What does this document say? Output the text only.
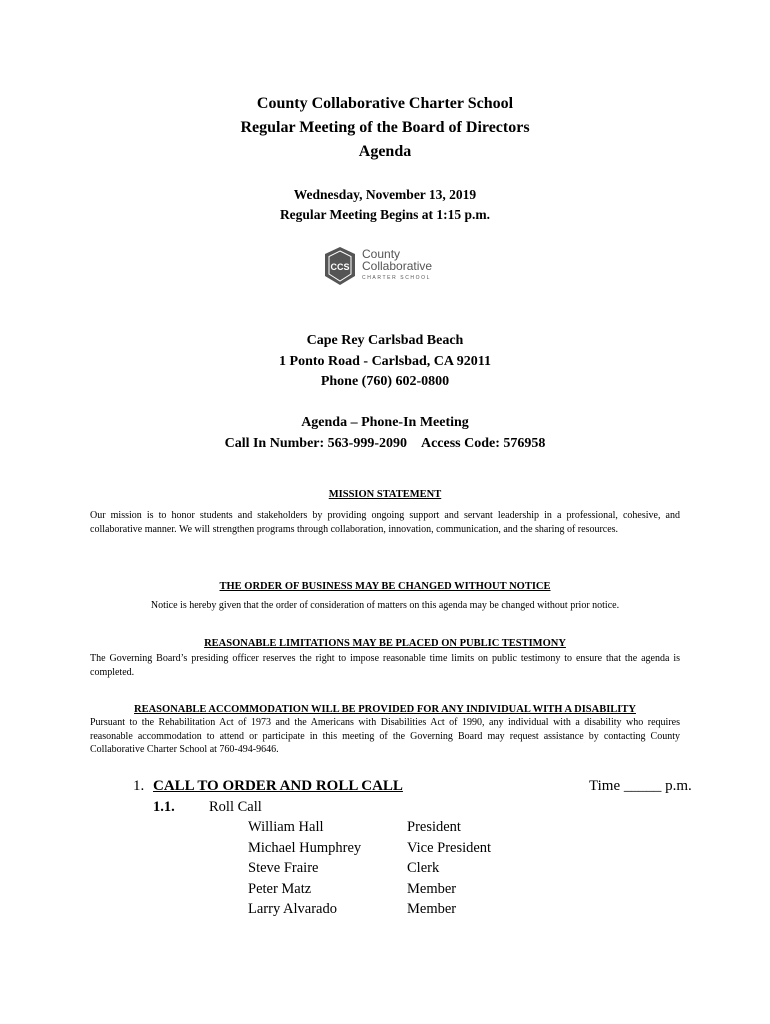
County Collaborative Charter School
Regular Meeting of the Board of Directors
Agenda
Wednesday, November 13, 2019
Regular Meeting Begins at 1:15 p.m.
CCS
County
Collaborative
CHARTER SCHOOL
Cape Rey Carlsbad Beach
1 Ponto Road - Carlsbad, CA 92011
Phone (760) 602-0800
Agenda – Phone-In Meeting
Call In Number: 563-999-2090 Access Code: 576958
MISSION STATEMENT
Our mission is to honor students and stakeholders by providing ongoing support and servant leadership in a professional, cohesive, and collaborative manner. We will strengthen programs through collaboration, innovation, communication, and the sharing of resources.
THE ORDER OF BUSINESS MAY BE CHANGED WITHOUT NOTICE
Notice is hereby given that the order of consideration of matters on this agenda may be changed without prior notice.
REASONABLE LIMITATIONS MAY BE PLACED ON PUBLIC TESTIMONY
The Governing Board’s presiding officer reserves the right to impose reasonable time limits on public testimony to ensure that the agenda is completed.
REASONABLE ACCOMMODATION WILL BE PROVIDED FOR ANY INDIVIDUAL WITH A DISABILITY
Pursuant to the Rehabilitation Act of 1973 and the Americans with Disabilities Act of 1990, any individual with a disability who requires reasonable accommodation to attend or participate in this meeting of the Governing Board may request assistance by contacting County Collaborative Charter School at 760-494-9646.
1. CALL TO ORDER AND ROLL CALL	Time _____ p.m.
1.1. Roll Call
William Hall	President
Michael Humphrey	Vice President
Steve Fraire	Clerk
Peter Matz	Member
Larry Alvarado	Member
